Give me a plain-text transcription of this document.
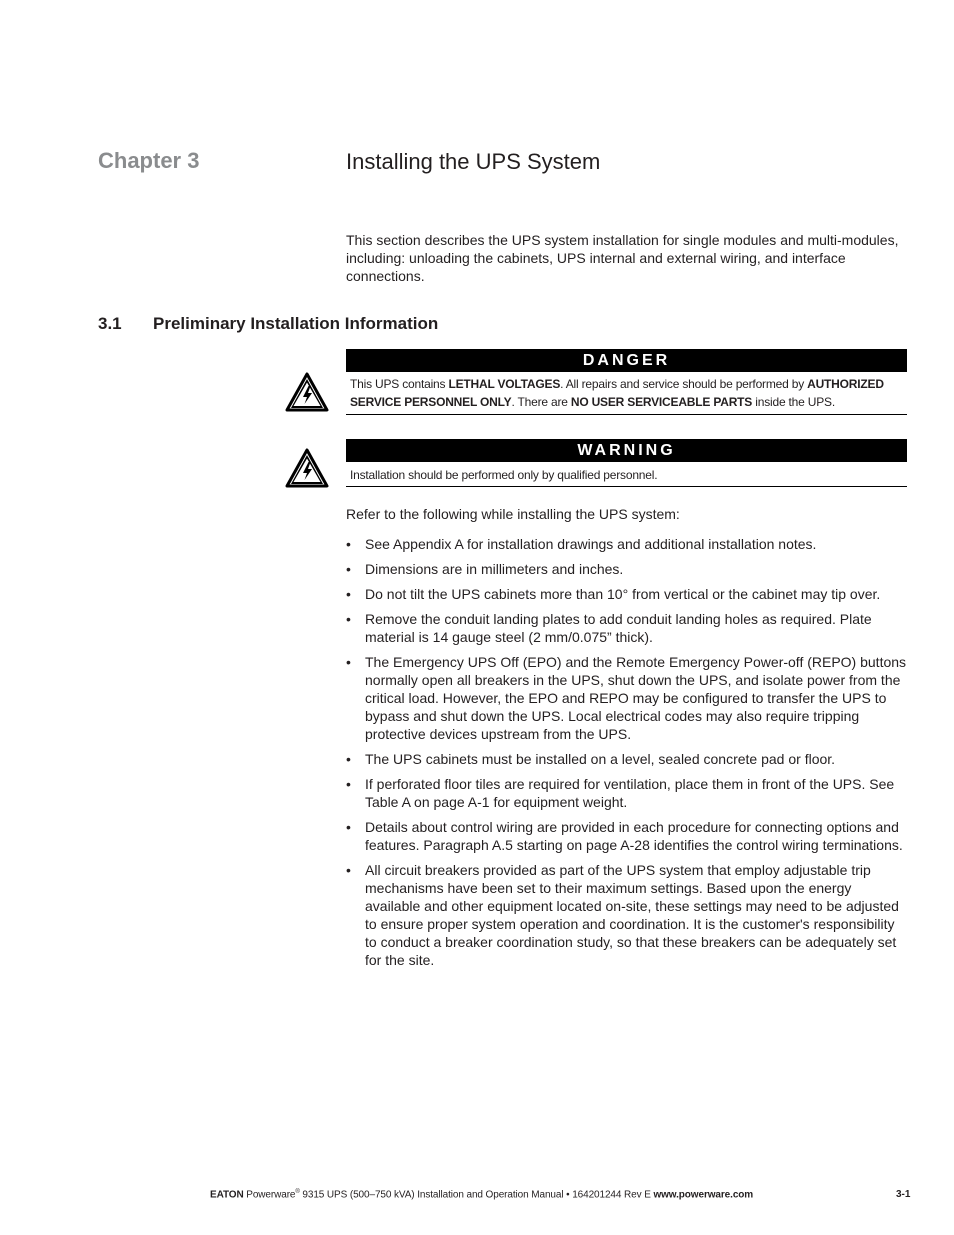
Chapter 3	Installing the UPS System
This section describes the UPS system installation for single modules and multi-modules, including: unloading the cabinets, UPS internal and external wiring, and interface connections.
3.1 Preliminary Installation Information
DANGER
This UPS contains LETHAL VOLTAGES. All repairs and service should be performed by AUTHORIZED SERVICE PERSONNEL ONLY. There are NO USER SERVICEABLE PARTS inside the UPS.
WARNING
Installation should be performed only by qualified personnel.
Refer to the following while installing the UPS system:
• See Appendix A for installation drawings and additional installation notes.
• Dimensions are in millimeters and inches.
• Do not tilt the UPS cabinets more than 10° from vertical or the cabinet may tip over.
• Remove the conduit landing plates to add conduit landing holes as required. Plate material is 14 gauge steel (2 mm/0.075” thick).
• The Emergency UPS Off (EPO) and the Remote Emergency Power-off (REPO) buttons normally open all breakers in the UPS, shut down the UPS, and isolate power from the critical load. However, the EPO and REPO may be configured to transfer the UPS to bypass and shut down the UPS. Local electrical codes may also require tripping protective devices upstream from the UPS.
• The UPS cabinets must be installed on a level, sealed concrete pad or floor.
• If perforated floor tiles are required for ventilation, place them in front of the UPS. See Table A on page A-1 for equipment weight.
• Details about control wiring are provided in each procedure for connecting options and features. Paragraph A.5 starting on page A-28 identifies the control wiring terminations.
• All circuit breakers provided as part of the UPS system that employ adjustable trip mechanisms have been set to their maximum settings. Based upon the energy available and other equipment located on-site, these settings may need to be adjusted to ensure proper system operation and coordination. It is the customer's responsibility to conduct a breaker coordination study, so that these breakers can be adequately set for the site.
EATON Powerware® 9315 UPS (500–750 kVA) Installation and Operation Manual • 164201244 Rev E www.powerware.com	3-1
